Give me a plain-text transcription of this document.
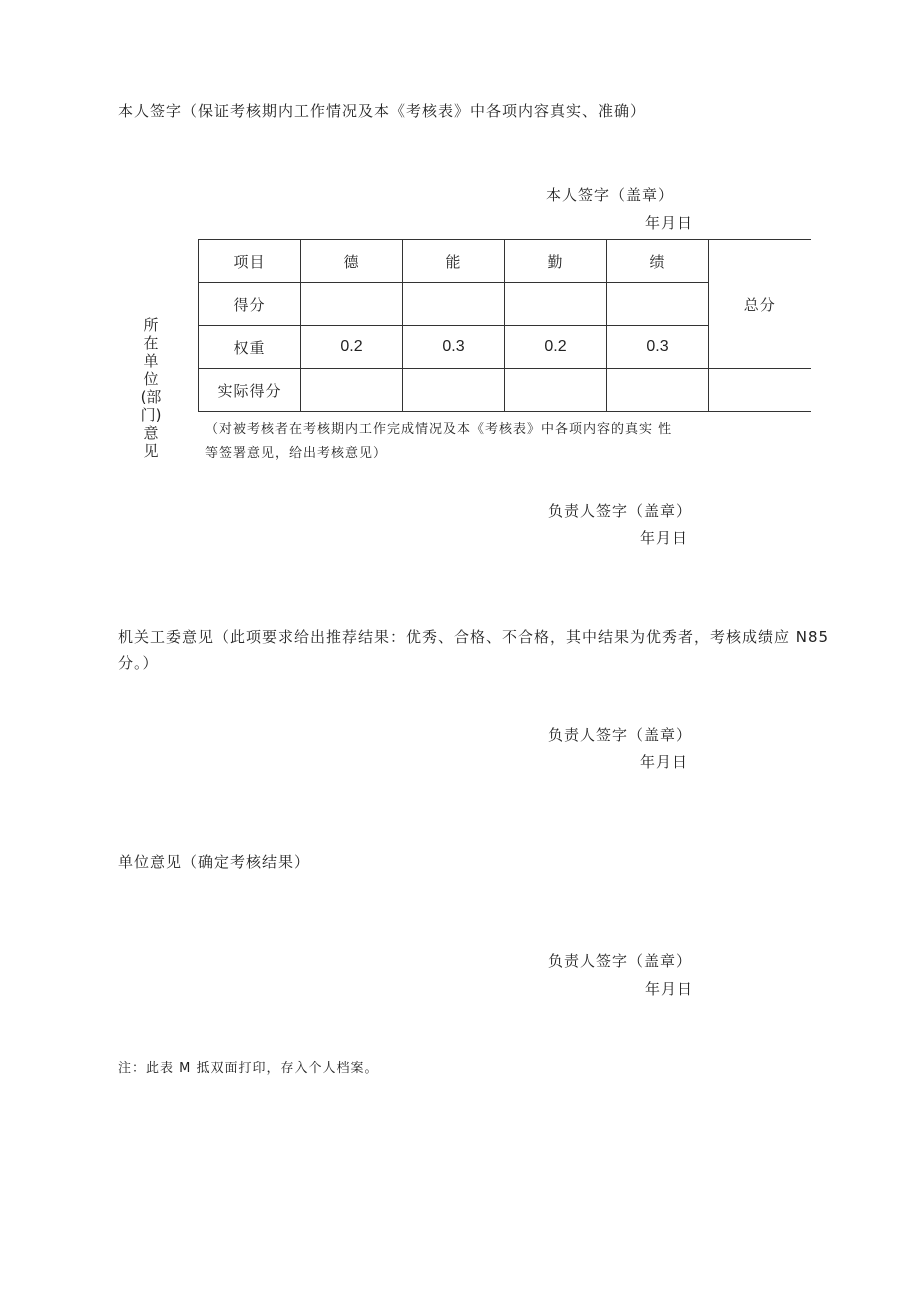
本人签字（保证考核期内工作情况及本《考核表》中各项内容真实、准确）
本人签字（盖章）
年月日
所在单位(部门)意见
项目	德	能	勤	绩	总分
得分					
权重	0.2	0.3	0.2	0.3	
实际得分					
（对被考核者在考核期内工作完成情况及本《考核表》中各项内容的真实 性
等签署意见，给出考核意见）
负责人签字（盖章）
年月日
机关工委意见（此项要求给出推荐结果：优秀、合格、不合格，其中结果为优秀者，考核成绩应 N85
分。）
负责人签字（盖章）
年月日
单位意见（确定考核结果）
负责人签字（盖章）
年月日
注：此表 M 抵双面打印，存入个人档案。
